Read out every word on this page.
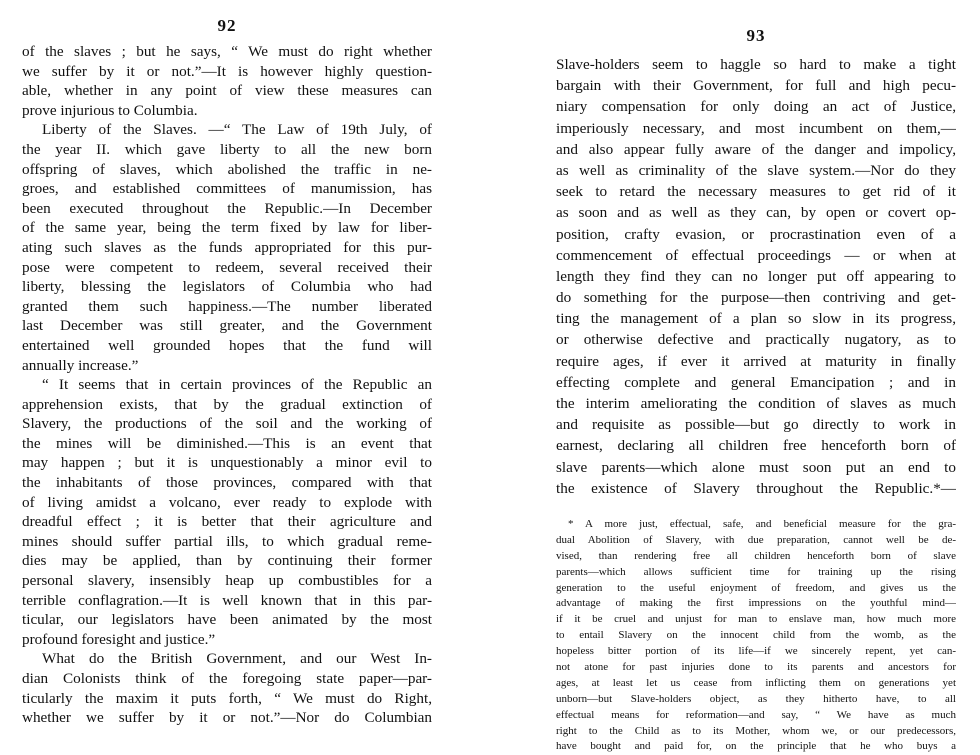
92
of the slaves ; but he says, “ We must do right whether
we suffer by it or not.”—It is however highly question-
able, whether in any point of view these measures can
prove injurious to Columbia.
Liberty of the Slaves. —“ The Law of 19th July, of
the year II. which gave liberty to all the new born
offspring of slaves, which abolished the traffic in ne-
groes, and established committees of manumission, has
been executed throughout the Republic.—In December
of the same year, being the term fixed by law for liber-
ating such slaves as the funds appropriated for this pur-
pose were competent to redeem, several received their
liberty, blessing the legislators of Columbia who had
granted them such happiness.—The number liberated
last December was still greater, and the Government
entertained well grounded hopes that the fund will
annually increase.”
“ It seems that in certain provinces of the Republic an
apprehension exists, that by the gradual extinction of
Slavery, the productions of the soil and the working of
the mines will be diminished.—This is an event that
may happen ; but it is unquestionably a minor evil to
the inhabitants of those provinces, compared with that
of living amidst a volcano, ever ready to explode with
dreadful effect ; it is better that their agriculture and
mines should suffer partial ills, to which gradual reme-
dies may be applied, than by continuing their former
personal slavery, insensibly heap up combustibles for a
terrible conflagration.—It is well known that in this par-
ticular, our legislators have been animated by the most
profound foresight and justice.”
What do the British Government, and our West In-
dian Colonists think of the foregoing state paper—par-
ticularly the maxim it puts forth, “ We must do Right,
whether we suffer by it or not.”—Nor do Columbian
93
Slave-holders seem to haggle so hard to make a tight
bargain with their Government, for full and high pecu-
niary compensation for only doing an act of Justice,
imperiously necessary, and most incumbent on them,—
and also appear fully aware of the danger and impolicy,
as well as criminality of the slave system.—Nor do they
seek to retard the necessary measures to get rid of it
as soon and as well as they can, by open or covert op-
position, crafty evasion, or procrastination even of a
commencement of effectual proceedings — or when at
length they find they can no longer put off appearing to
do something for the purpose—then contriving and get-
ting the management of a plan so slow in its progress,
or otherwise defective and practically nugatory, as to
require ages, if ever it arrived at maturity in finally
effecting complete and general Emancipation ; and in
the interim ameliorating the condition of slaves as much
and requisite as possible—but go directly to work in
earnest, declaring all children free henceforth born of
slave parents—which alone must soon put an end to
the existence of Slavery throughout the Republic.*—
* A more just, effectual, safe, and beneficial measure for the gra-
dual Abolition of Slavery, with due preparation, cannot well be de-
vised, than rendering free all children henceforth born of slave
parents—which allows sufficient time for training up the rising
generation to the useful enjoyment of freedom, and gives us the
advantage of making the first impressions on the youthful mind—
if it be cruel and unjust for man to enslave man, how much more
to entail Slavery on the innocent child from the womb, as the
hopeless bitter portion of its life—if we sincerely repent, yet can-
not atone for past injuries done to its parents and ancestors for
ages, at least let us cease from inflicting them on generations yet
unborn—but Slave-holders object, as they hitherto have, to all
effectual means for reformation—and say, “ We have as much
right to the Child as to its Mother, whom we, or our predecessors,
have bought and paid for, on the principle that he who buys a
